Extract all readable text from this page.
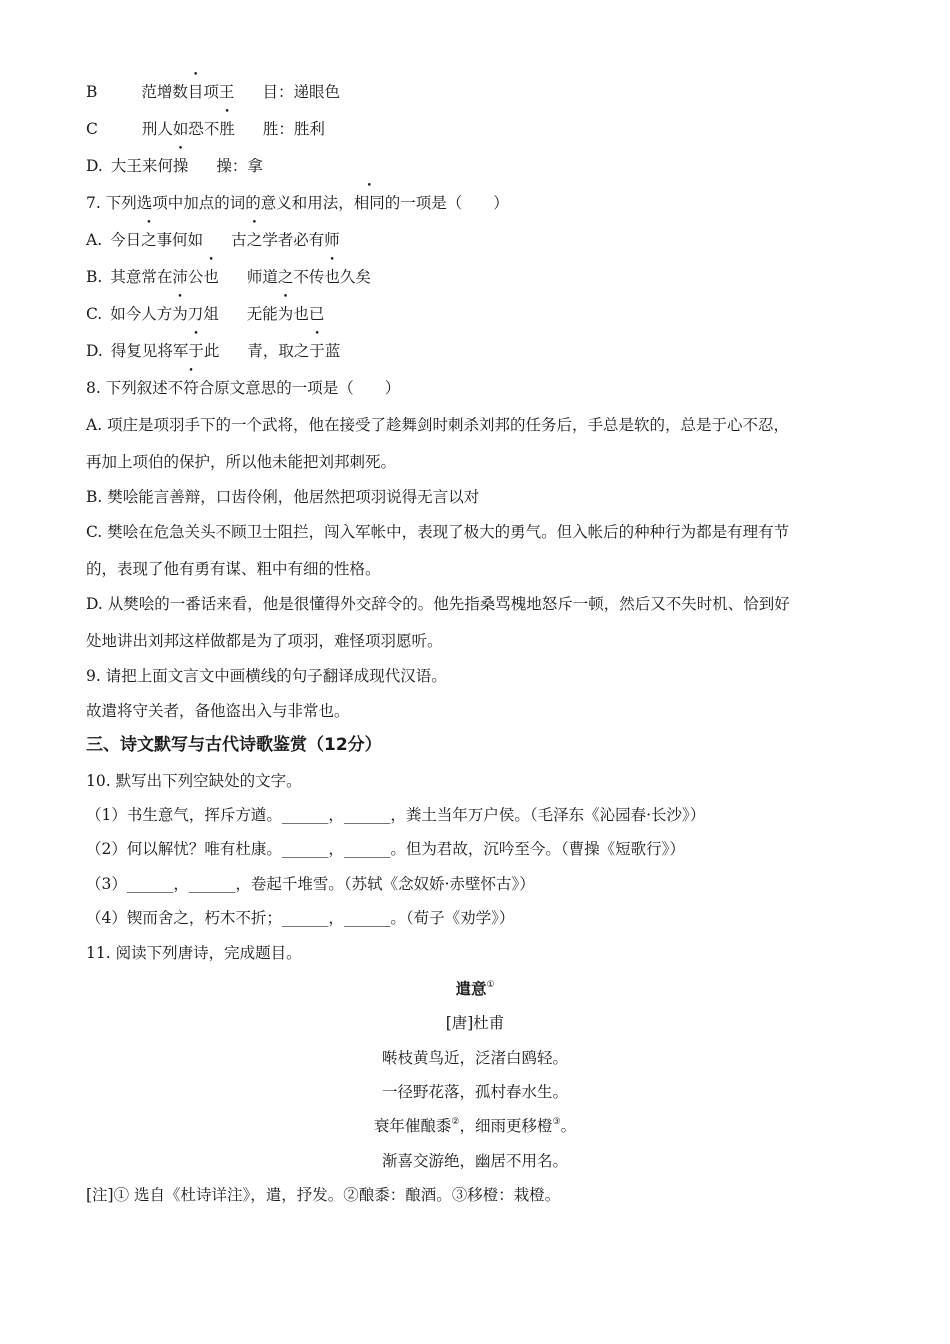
B	范增数目项王 目：递眼色
C	刑人如恐不胜 胜：胜利
D. 大王来何操 操：拿
7. 下列选项中加点的词的意义和用法，相同的一项是（　　）
A. 今日之事何如 古之学者必有师
B. 其意常在沛公也 师道之不传也久矣
C. 如今人方为刀俎 无能为也已
D. 得复见将军于此 青，取之于蓝
8. 下列叙述不符合原文意思的一项是（　　）
A. 项庄是项羽手下的一个武将，他在接受了趁舞剑时刺杀刘邦的任务后，手总是软的，总是于心不忍，
再加上项伯的保护，所以他未能把刘邦刺死。
B. 樊哙能言善辩，口齿伶俐，他居然把项羽说得无言以对
C. 樊哙在危急关头不顾卫士阻拦，闯入军帐中，表现了极大的勇气。但入帐后的种种行为都是有理有节
的，表现了他有勇有谋、粗中有细的性格。
D. 从樊哙的一番话来看，他是很懂得外交辞令的。他先指桑骂槐地怒斥一顿，然后又不失时机、恰到好
处地讲出刘邦这样做都是为了项羽，难怪项羽愿听。
9. 请把上面文言文中画横线的句子翻译成现代汉语。
故遣将守关者，备他盗出入与非常也。
三、诗文默写与古代诗歌鉴赏（12分）
10. 默写出下列空缺处的文字。
（1）书生意气，挥斥方遒。______，______，粪土当年万户侯。（毛泽东《沁园春·长沙》）
（2）何以解忧？唯有杜康。______，______。但为君故，沉吟至今。（曹操《短歌行》）
（3）______，______，卷起千堆雪。（苏轼《念奴娇·赤壁怀古》）
（4）锲而舍之，朽木不折；______，______。（荀子《劝学》）
11. 阅读下列唐诗，完成题目。
遣意①
[唐]杜甫
啭枝黄鸟近，泛渚白鸥轻。
一径野花落，孤村春水生。
衰年催酿黍②，细雨更移橙③。
渐喜交游绝，幽居不用名。
[注]① 选自《杜诗详注》，遣，抒发。②酿黍：酿酒。③移橙：栽橙。
